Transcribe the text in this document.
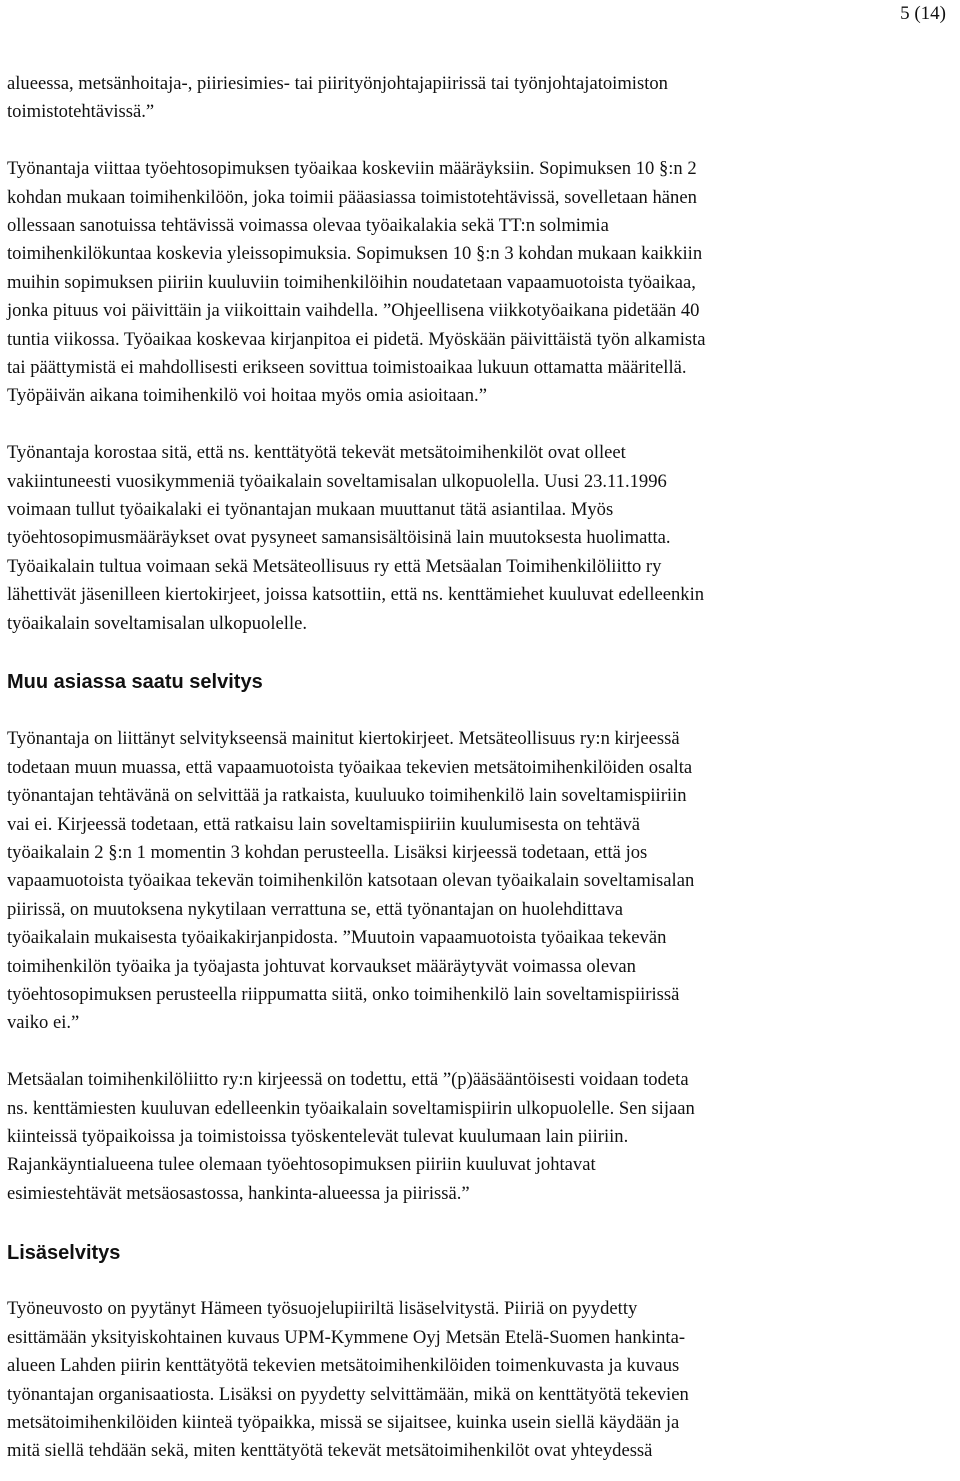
5 (14)

alueessa, metsänhoitaja-, piiriesimies- tai piirityönjohtajapiirissä tai työnjohtajatoimiston
toimistotehtävissä.”

Työnantaja viittaa työehtosopimuksen työaikaa koskeviin määräyksiin. Sopimuksen 10 §:n 2
kohdan mukaan toimihenkilöön, joka toimii pääasiassa toimistotehtävissä, sovelletaan hänen
ollessaan sanotuissa tehtävissä voimassa olevaa työaikalakia sekä TT:n solmimia
toimihenkilökuntaa koskevia yleissopimuksia. Sopimuksen 10 §:n 3 kohdan mukaan kaikkiin
muihin sopimuksen piiriin kuuluviin toimihenkilöihin noudatetaan vapaamuotoista työaikaa,
jonka pituus voi päivittäin ja viikoittain vaihdella. ”Ohjeellisena viikkotyöaikana pidetään 40
tuntia viikossa. Työaikaa koskevaa kirjanpitoa ei pidetä. Myöskään päivittäistä työn alkamista
tai päättymistä ei mahdollisesti erikseen sovittua toimistoaikaa lukuun ottamatta määritellä.
Työpäivän aikana toimihenkilö voi hoitaa myös omia asioitaan.”

Työnantaja korostaa sitä, että ns. kenttätyötä tekevät metsätoimihenkilöt ovat olleet
vakiintuneesti vuosikymmeniä työaikalain soveltamisalan ulkopuolella. Uusi 23.11.1996
voimaan tullut työaikalaki ei työnantajan mukaan muuttanut tätä asiantilaa. Myös
työehtosopimusmääräykset ovat pysyneet samansisältöisinä lain muutoksesta huolimatta.
Työaikalain tultua voimaan sekä Metsäteollisuus ry että Metsäalan Toimihenkilöliitto ry
lähettivät jäsenilleen kiertokirjeet, joissa katsottiin, että ns. kenttämiehet kuuluvat edelleenkin
työaikalain soveltamisalan ulkopuolelle.

Muu asiassa saatu selvitys

Työnantaja on liittänyt selvitykseensä mainitut kiertokirjeet. Metsäteollisuus ry:n kirjeessä
todetaan muun muassa, että vapaamuotoista työaikaa tekevien metsätoimihenkilöiden osalta
työnantajan tehtävänä on selvittää ja ratkaista, kuuluuko toimihenkilö lain soveltamispiiriin
vai ei. Kirjeessä todetaan, että ratkaisu lain soveltamispiiriin kuulumisesta on tehtävä
työaikalain 2 §:n 1 momentin 3 kohdan perusteella. Lisäksi kirjeessä todetaan, että jos
vapaamuotoista työaikaa tekevän toimihenkilön katsotaan olevan työaikalain soveltamisalan
piirissä, on muutoksena nykytilaan verrattuna se, että työnantajan on huolehdittava
työaikalain mukaisesta työaikakirjanpidosta. ”Muutoin vapaamuotoista työaikaa tekevän
toimihenkilön työaika ja työajasta johtuvat korvaukset määräytyvät voimassa olevan
työehtosopimuksen perusteella riippumatta siitä, onko toimihenkilö lain soveltamispiirissä
vaiko ei.”

Metsäalan toimihenkilöliitto ry:n kirjeessä on todettu, että ”(p)ääsääntöisesti voidaan todeta
ns. kenttämiesten kuuluvan edelleenkin työaikalain soveltamispiirin ulkopuolelle. Sen sijaan
kiinteissä työpaikoissa ja toimistoissa työskentelevät tulevat kuulumaan lain piiriin.
Rajankäyntialueena tulee olemaan työehtosopimuksen piiriin kuuluvat johtavat
esimiestehtävät metsäosastossa, hankinta-alueessa ja piirissä.”

Lisäselvitys

Työneuvosto on pyytänyt Hämeen työsuojelupiiriltä lisäselvitystä. Piiriä on pyydetty
esittämään yksityiskohtainen kuvaus UPM-Kymmene Oyj Metsän Etelä-Suomen hankinta-
alueen Lahden piirin kenttätyötä tekevien metsätoimihenkilöiden toimenkuvasta ja kuvaus
työnantajan organisaatiosta. Lisäksi on pyydetty selvittämään, mikä on kenttätyötä tekevien
metsätoimihenkilöiden kiinteä työpaikka, missä se sijaitsee, kuinka usein siellä käydään ja
mitä siellä tehdään sekä, miten kenttätyötä tekevät metsätoimihenkilöt ovat yhteydessä
